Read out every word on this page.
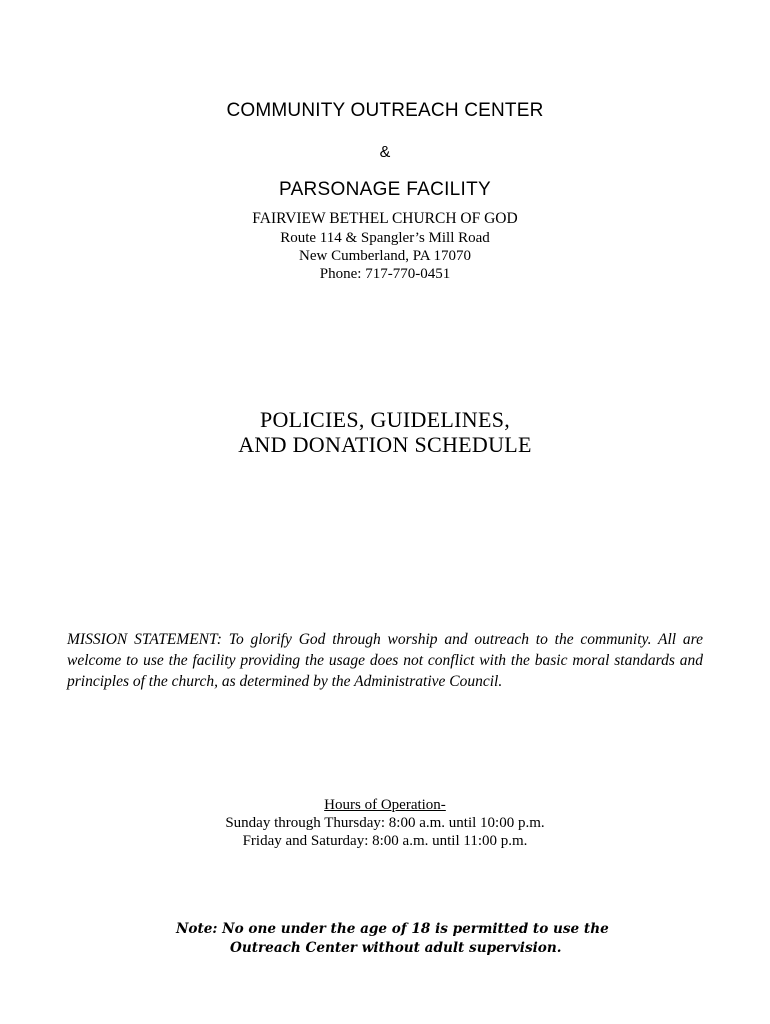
COMMUNITY OUTREACH CENTER
&
PARSONAGE FACILITY
FAIRVIEW BETHEL CHURCH OF GOD
Route 114 & Spangler’s Mill Road
New Cumberland, PA 17070
Phone: 717-770-0451
POLICIES, GUIDELINES,
AND DONATION SCHEDULE
MISSION STATEMENT: To glorify God through worship and outreach to the community. All are welcome to use the facility providing the usage does not conflict with the basic moral standards and principles of the church, as determined by the Administrative Council.
Hours of Operation-
Sunday through Thursday: 8:00 a.m. until 10:00 p.m.
Friday and Saturday: 8:00 a.m. until 11:00 p.m.
Note: No one under the age of 18 is permitted to use the
Outreach Center without adult supervision.
